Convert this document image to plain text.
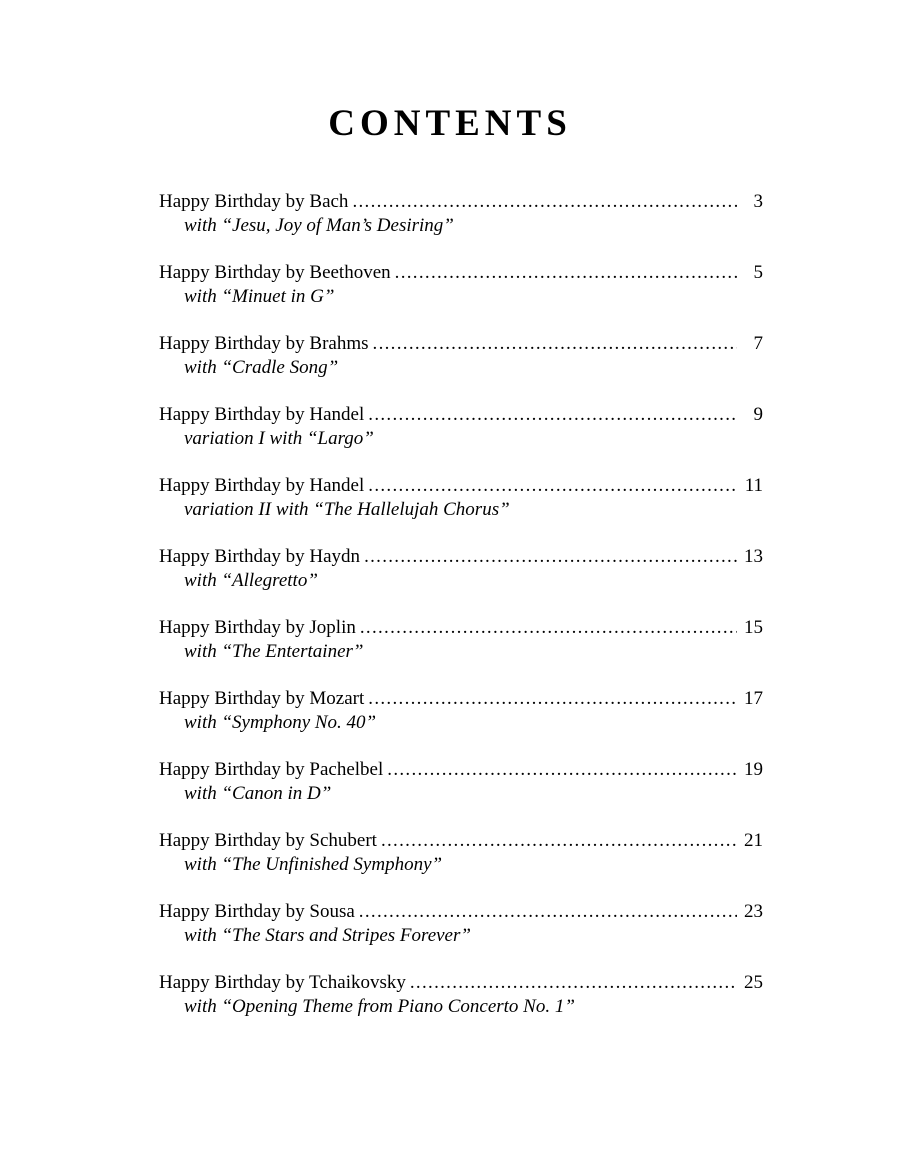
CONTENTS
Happy Birthday by Bach .....	3
with “Jesu, Joy of Man’s Desiring”
Happy Birthday by Beethoven .....	5
with “Minuet in G”
Happy Birthday by Brahms .....	7
with “Cradle Song”
Happy Birthday by Handel .....	9
variation I with “Largo”
Happy Birthday by Handel .....	11
variation II with “The Hallelujah Chorus”
Happy Birthday by Haydn .....	13
with “Allegretto”
Happy Birthday by Joplin .....	15
with “The Entertainer”
Happy Birthday by Mozart .....	17
with “Symphony No. 40”
Happy Birthday by Pachelbel .....	19
with “Canon in D”
Happy Birthday by Schubert .....	21
with “The Unfinished Symphony”
Happy Birthday by Sousa .....	23
with “The Stars and Stripes Forever”
Happy Birthday by Tchaikovsky .....	25
with “Opening Theme from Piano Concerto No. 1”
